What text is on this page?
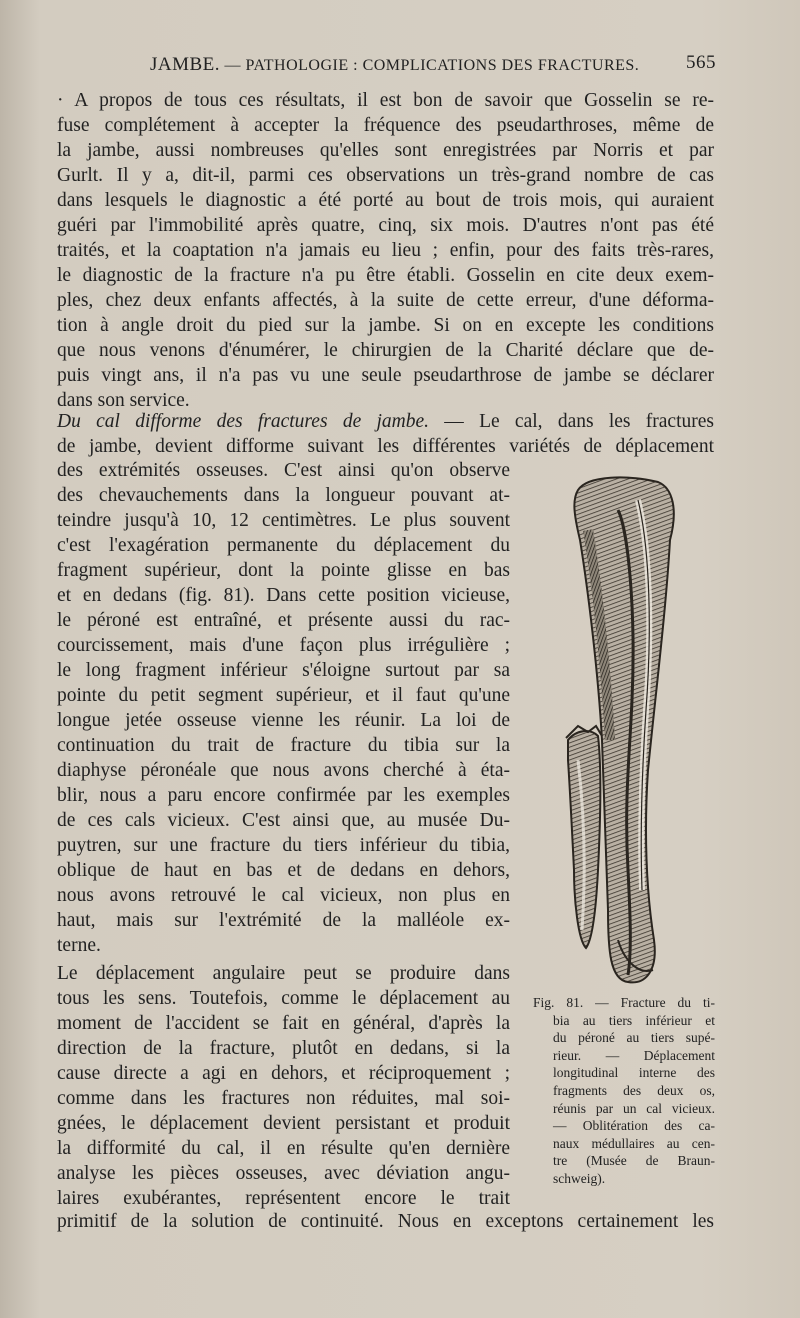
JAMBE. — PATHOLOGIE : COMPLICATIONS DES FRACTURES. 565
· A propos de tous ces résultats, il est bon de savoir que Gosselin se re-
fuse complétement à accepter la fréquence des pseudarthroses, même de
la jambe, aussi nombreuses qu'elles sont enregistrées par Norris et par
Gurlt. Il y a, dit-il, parmi ces observations un très-grand nombre de cas
dans lesquels le diagnostic a été porté au bout de trois mois, qui auraient
guéri par l'immobilité après quatre, cinq, six mois. D'autres n'ont pas été
traités, et la coaptation n'a jamais eu lieu ; enfin, pour des faits très-rares,
le diagnostic de la fracture n'a pu être établi. Gosselin en cite deux exem-
ples, chez deux enfants affectés, à la suite de cette erreur, d'une déforma-
tion à angle droit du pied sur la jambe. Si on en excepte les conditions
que nous venons d'énumérer, le chirurgien de la Charité déclare que de-
puis vingt ans, il n'a pas vu une seule pseudarthrose de jambe se déclarer
dans son service.
Du cal difforme des fractures de jambe. — Le cal, dans les fractures
de jambe, devient difforme suivant les différentes variétés de déplacement
des extrémités osseuses. C'est ainsi qu'on observe
des chevauchements dans la longueur pouvant at-
teindre jusqu'à 10, 12 centimètres. Le plus souvent
c'est l'exagération permanente du déplacement du
fragment supérieur, dont la pointe glisse en bas
et en dedans (fig. 81). Dans cette position vicieuse,
le péroné est entraîné, et présente aussi du rac-
courcissement, mais d'une façon plus irrégulière ;
le long fragment inférieur s'éloigne surtout par sa
pointe du petit segment supérieur, et il faut qu'une
longue jetée osseuse vienne les réunir. La loi de
continuation du trait de fracture du tibia sur la
diaphyse péronéale que nous avons cherché à éta-
blir, nous a paru encore confirmée par les exemples
de ces cals vicieux. C'est ainsi que, au musée Du-
puytren, sur une fracture du tiers inférieur du tibia,
oblique de haut en bas et de dedans en dehors,
nous avons retrouvé le cal vicieux, non plus en
haut, mais sur l'extrémité de la malléole ex-
terne.
Le déplacement angulaire peut se produire dans
tous les sens. Toutefois, comme le déplacement au
moment de l'accident se fait en général, d'après la
direction de la fracture, plutôt en dedans, si la
cause directe a agi en dehors, et réciproquement ;
comme dans les fractures non réduites, mal soi-
gnées, le déplacement devient persistant et produit
la difformité du cal, il en résulte qu'en dernière
analyse les pièces osseuses, avec déviation angu-
laires exubérantes, représentent encore le trait
Fig. 81. — Fracture du ti-
bia au tiers inférieur et
du péroné au tiers supé-
rieur. — Déplacement
longitudinal interne des
fragments des deux os,
réunis par un cal vicieux.
— Oblitération des ca-
naux médullaires au cen-
tre (Musée de Braun-
schweig).
primitif de la solution de continuité. Nous en exceptons certainement les
